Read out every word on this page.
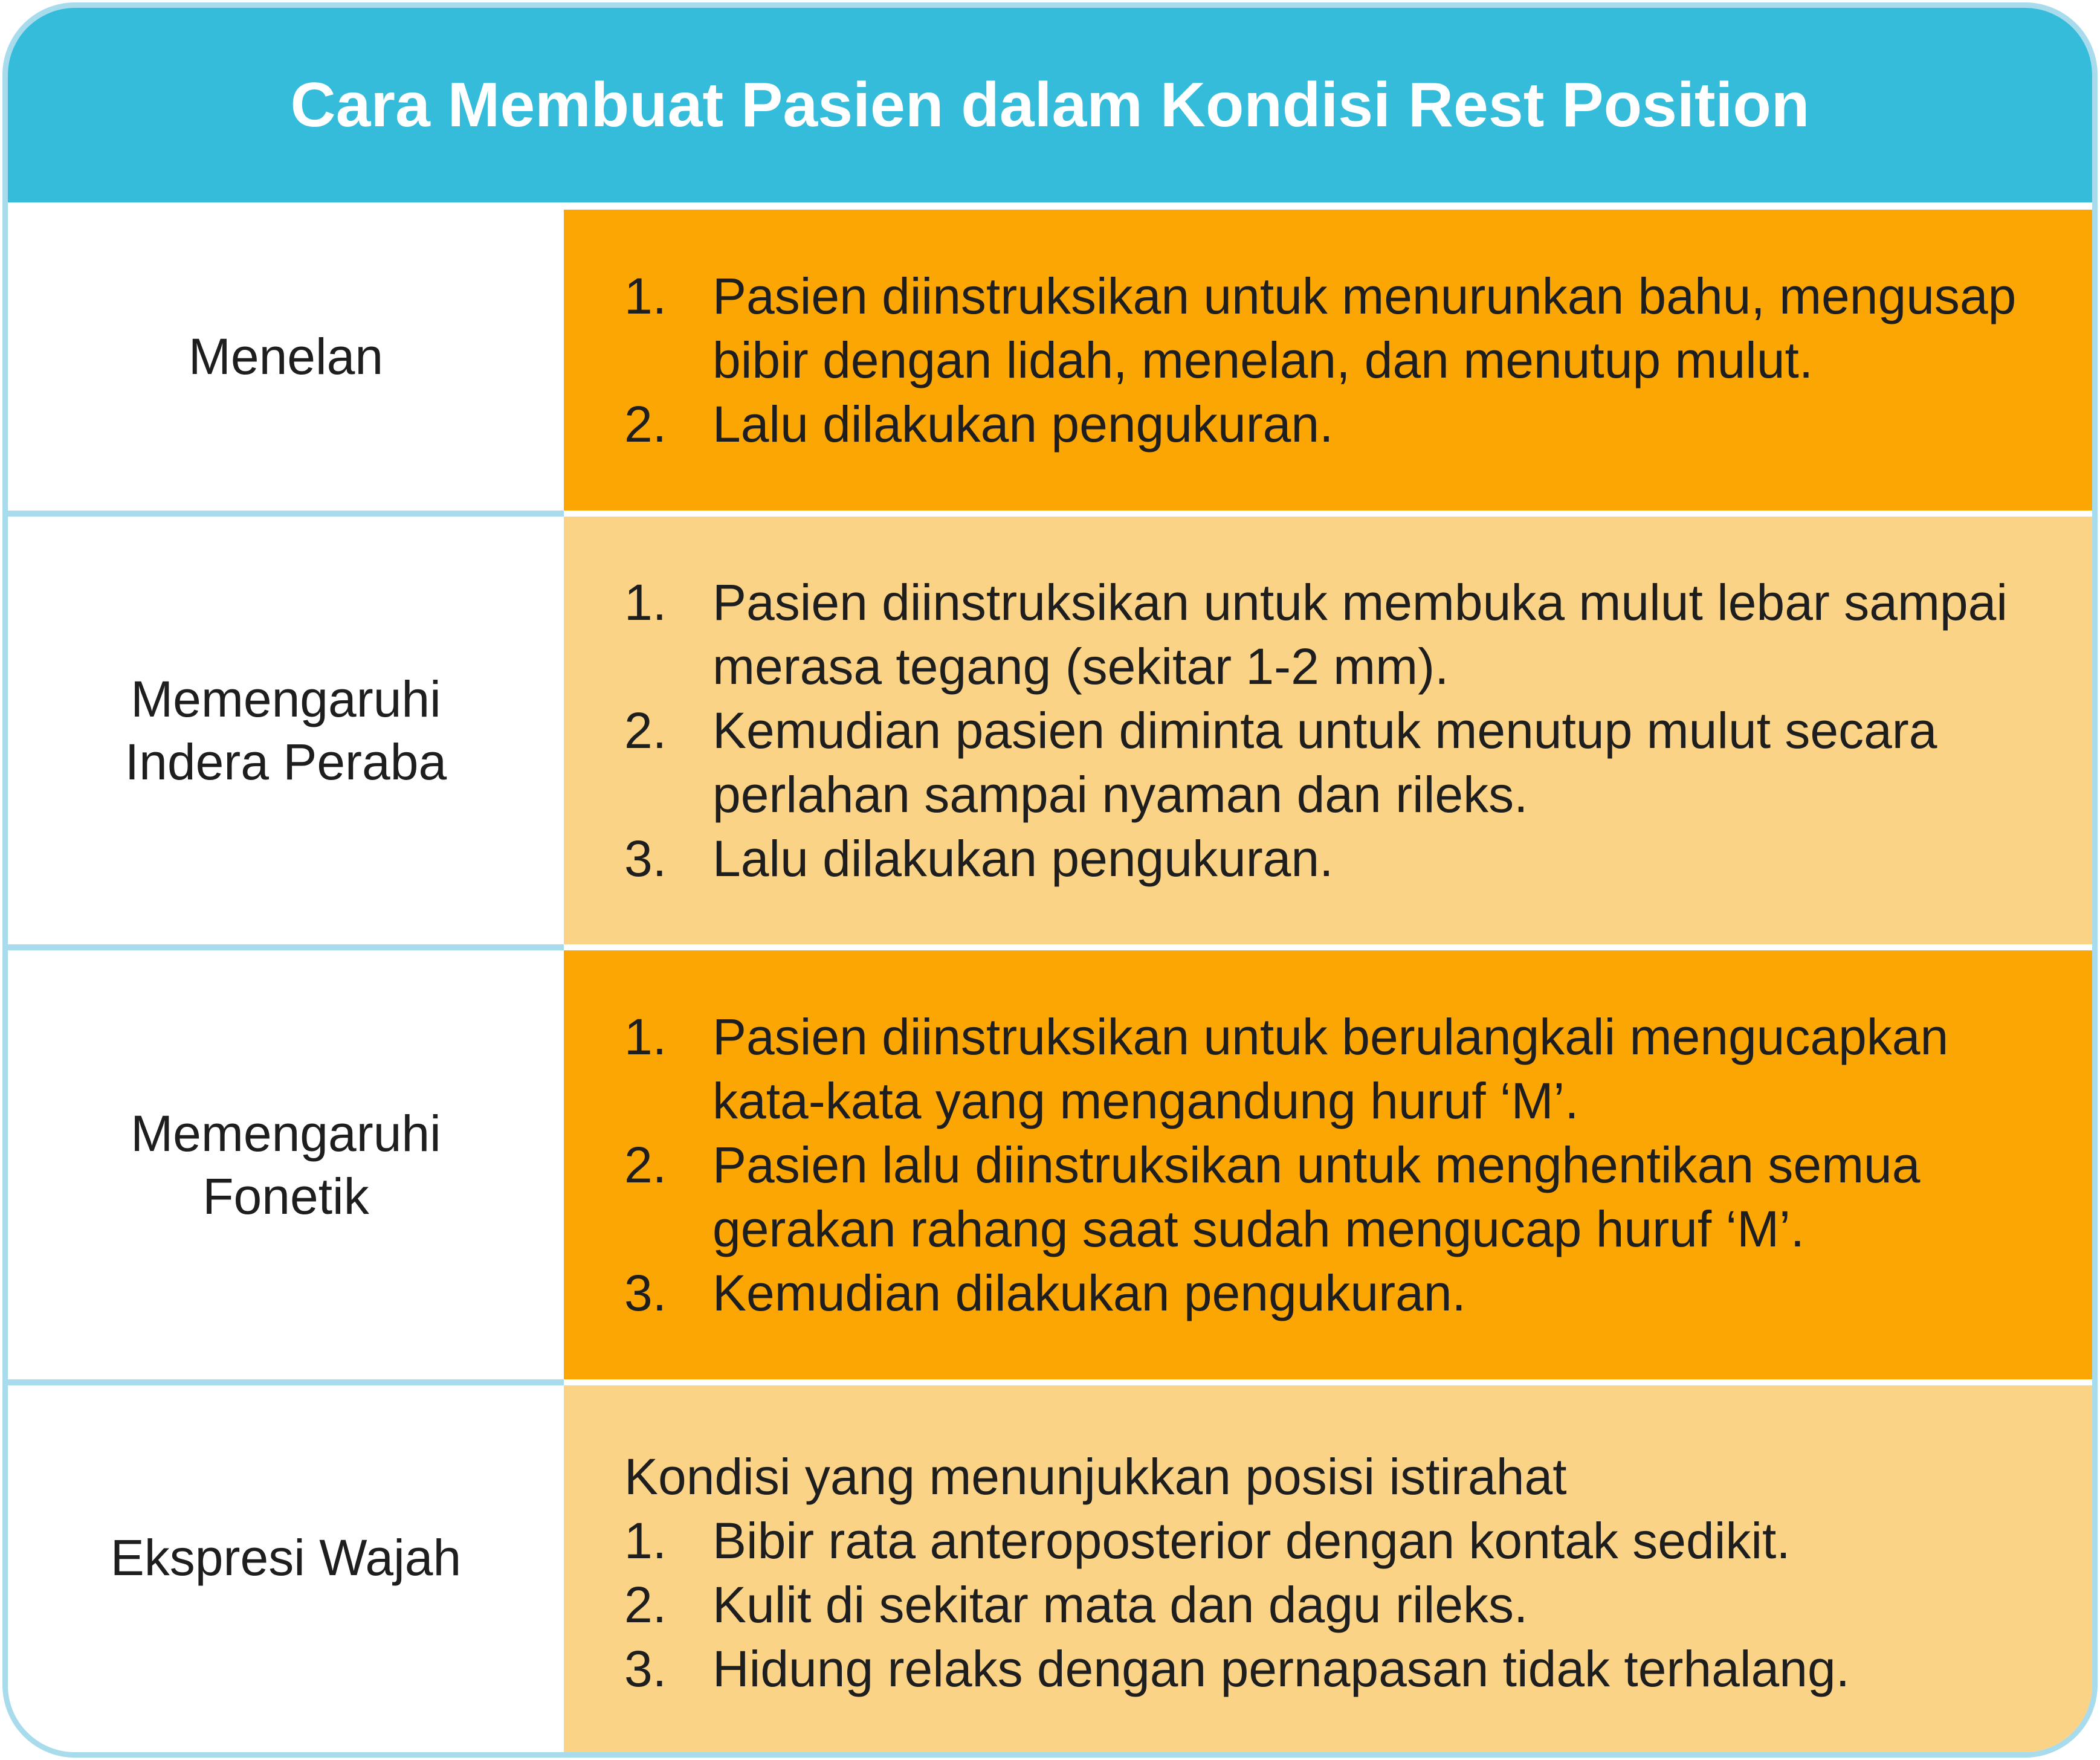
Cara Membuat Pasien dalam Kondisi Rest Position
Menelan
1. Pasien diinstruksikan untuk menurunkan bahu, mengusap bibir dengan lidah, menelan, dan menutup mulut.
2. Lalu dilakukan pengukuran.
Memengaruhi
Indera Peraba
1. Pasien diinstruksikan untuk membuka mulut lebar sampai merasa tegang (sekitar 1-2 mm).
2. Kemudian pasien diminta untuk menutup mulut secara perlahan sampai nyaman dan rileks.
3. Lalu dilakukan pengukuran.
Memengaruhi
Fonetik
1. Pasien diinstruksikan untuk berulangkali mengucapkan kata-kata yang mengandung huruf ‘M’.
2. Pasien lalu diinstruksikan untuk menghentikan semua gerakan rahang saat sudah mengucap huruf ‘M’.
3. Kemudian dilakukan pengukuran.
Ekspresi Wajah

Kondisi yang menunjukkan posisi istirahat

1. Bibir rata anteroposterior dengan kontak sedikit.
2. Kulit di sekitar mata dan dagu rileks.
3. Hidung relaks dengan pernapasan tidak terhalang.
